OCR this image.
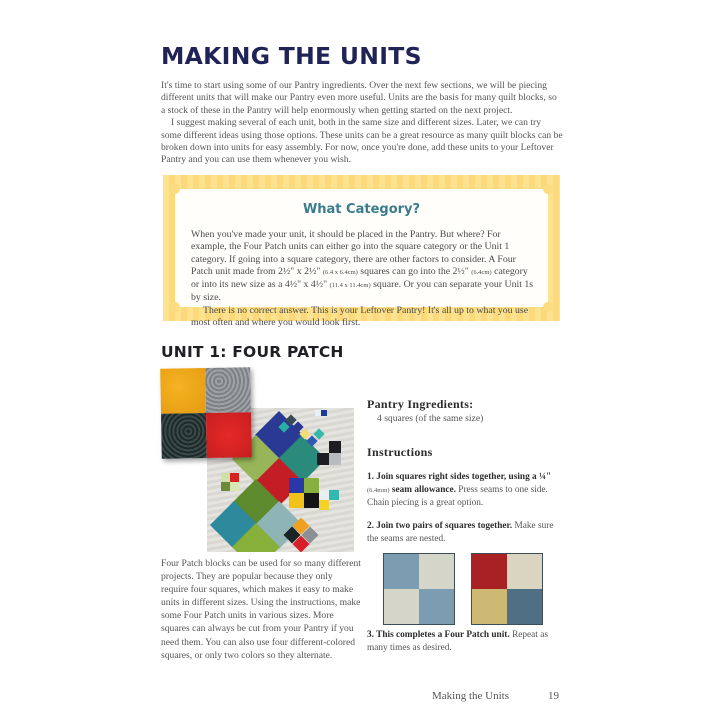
MAKING THE UNITS

It's time to start using some of our Pantry ingredients. Over the next few sections, we will be piecing different units that will make our Pantry even more useful. Units are the basis for many quilt blocks, so a stock of these in the Pantry will help enormously when getting started on the next project.

I suggest making several of each unit, both in the same size and different sizes. Later, we can try some different ideas using those options. These units can be a great resource as many quilt blocks can be broken down into units for easy assembly. For now, once you're done, add these units to your Leftover Pantry and you can use them whenever you wish.

What Category?

When you've made your unit, it should be placed in the Pantry. But where? For example, the Four Patch units can either go into the square category or the Unit 1 category. If going into a square category, there are other factors to consider. A Four Patch unit made from 2½" x 2½" (6.4 x 6.4cm) squares can go into the 2½" (6.4cm) category or into its new size as a 4½" x 4½" (11.4 x 11.4cm) square. Or you can separate your Unit 1s by size.

There is no correct answer. This is your Leftover Pantry! It's all up to what you use most often and where you would look first.

UNIT 1: FOUR PATCH

Four Patch blocks can be used for so many different projects. They are popular because they only require four squares, which makes it easy to make units in different sizes. Using the instructions, make some Four Patch units in various sizes. More squares can always be cut from your Pantry if you need them. You can also use four different-colored squares, or only two colors so they alternate.

Pantry Ingredients:
4 squares (of the same size)
Instructions

1. Join squares right sides together, using a ¼" (6.4mm) seam allowance. Press seams to one side. Chain piecing is a great option.

2. Join two pairs of squares together. Make sure the seams are nested.

3. This completes a Four Patch unit. Repeat as many times as desired.

Making the Units	19
